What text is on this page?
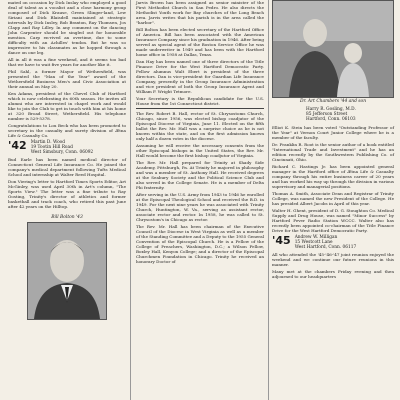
mated on occasion by Dick Inslay who employed a good deal of talent as a vocalist and a close harmony group composed of Dick Krause, Green Slinger-land, Lew Siriani and Dick Blaisdell maintained at strategic intervals by Dick Insley, Bob Braxton, Ray Thomsen, Jos Clapp and Ray Lilley. In any comment on the dancing John Carpenter should be singled out for honorable mention. Carp en-rived an overtime, due to some difficulty with an Achilles' tendon. But he was so impressive to his classmates as he hopped through a dance on one leg.

All in all it was a fine weekend, and it seems too bad that we have to wait five years for another like it.

Phil Sahl, a former Mayor of Wethersfield, was presented the "Man of the Year" award of the Wethersfield Business Men's and Civic Association at their annual on May 20.

Ken Adams, president of the Chevel Club of Hartford which is now celebrating its 60th season. He invites all alumni who are interested in chapel work and would like to join the Club to get in touch with him at his home at 320 Broad Street, Wethersfield. His telephone number is 529-5378.

Congratulations to Lou Beck who has been promoted to secretary in the casualty and surety division of Ætna Life & Casualty Co.

'42 Martin D. Wood
19 Tootin Hill Road
West Simsbury, Conn. 06092

Bud Earle has been named medical director of Connecticut General Life Insurance Co. He joined the company's medical department following Tufts Medical School and internship at Walter Reed Hospital.

Don Viering's letter to Hartford Times Sports Editor, Art McGinley, was used April 30th in Art's column, "The Sports View." The letter was a fine tribute to Ray Oosting, Trinity's director of athletics and former basketball and track coach, who retired this past June after 42 years on the Hilltop.

Bill Bolton '43

Jarvis Brown has been assigned as senior minister of the First Methodist Church in San Pedro. He also directs the Methodist Youth work for Bay churches of the Long Beach area. Jarvis writes that his parish is in the area called the "harbor".

Bill Bolton has been elected secretary of the Hartford Office of America. Bill has been associated with the American Insurance Company since his graduation in 1946. After being served as special agent of the Boston Service Office he was made underwriter in 1949 and has been with the Hartford home office in 1958 at Dallas, Texas.

Dan Hay has been named one of three directors of the Title Finance Drive for the West Hartford Democratic Party. Fellow alumnus Walt Ebert is president of the three directors. Dan is vice-president for Guardian Life Insurance Company, presently in the Group Insurance Administration and vice president of both the Group Insurance Agent and William F. Wright Tetmore.

Your Secretary is the Republican candidate for the U.S. House from the 1st Connecticut district.

The Rev. Robert B. Hall, rector of St. Chrysostoms Church, Chicago, since 1956, was elected bishop coadjutor of the Episcopal Diocese of Virginia, June 11. Elected on the fifth ballot the Rev. Mr. Hall was a surprise choice as he is not known within the state, and on the first admission known only half a dozen votes in the diocese.

Assuming he will receive the necessary consents from the other Episcopal bishops in the United States, the Rev. Mr. Hall would become the first bishop coadjutor of Virginia.

The Rev. Mr. Hall prepared for Trinity at Shady Side Academy, Pittsburgh, Pa. At Trinity he majored in philosophy and was a member of St. Anthony Hall. He received degrees at the Seabury Society and the Political Science Club and also served in the College Senate. He is a member of Delta Phi fraternity.

After serving in the U.S. Army from 1943 to 1946 he enrolled at the Episcopal Theological School and received the B.D. in 1949. For the next nine years he was associated with Trinity Church, Huntington, W. Va., serving as assistant rector, associate rector and rector. In 1958, he was called to St. Chrysostom's in Chicago as rector.

The Rev. Mr. Hall has been chairman of the Executive Council of the Diocese in West Virginia as well as a member of the Standing Committee and a Deputy to the 1955 General Convention of the Episcopal Church. He is a Fellow of the College of Preachers, Washington, D.C.; a Wilson Fellow, Boxley Hall, Kenyon College; and a director of the Episcopal Churchmen Foundation in Chicago. Trinity he received an honorary Doctor of

Dr. Art Chambers '44 and son
Harry R. Gosling, M.D.
85 Jefferson Street
Hartford, Conn. 06103

Elliot K. Stein has been voted "Outstanding Professor of the Year" at Vernon Court Junior College where he is a member of the faculty.

Dr. Franklin R. Root is the senior author of a book entitled "International Trade and Investment" and he has an edition recently by the Southwestern Publishing Co. of Cincinnati, Ohio.

Richard C. Hastings Jr. has been appointed general manager in the Hartford office of Ætna Life & Casualty company through his entire business career of 20 years and has worked his way up through the division in various supervisory and managerial positions.

Thomas A. Smith, Associate Dean and Registrar of Trinity College, was named the new President of the College. He has presided Albert Jacobs in April of this year.

Walter H. Ghent, president of D. G. Stoughton Co. Medical Supply and Drug House, was named "Minor Success" by Hartford Fever Radio Station WCCC. Walter also has recently been appointed co-chairman of the Title Finance Drive for the West Hartford Democratic Party.

'45 Andrew W. Milligan
15 Westcott Lane
West Hartford, Conn. 06117

All who attended the '45-'46-'47 joint reunion enjoyed the weekend and we continue our future reunions in this manner.

Many met at the chambers Friday evening and then adjourned to our headquarters
